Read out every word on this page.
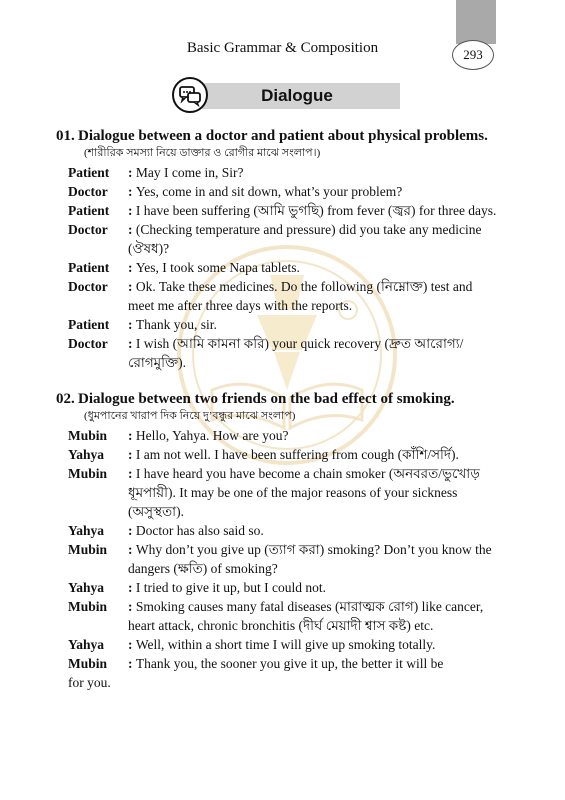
Basic Grammar & Composition	293
Dialogue
01. Dialogue between a doctor and patient about physical problems.
(শারীরিক সমস্যা নিয়ে ডাক্তার ও রোগীর মাঝে সংলাপ।)
Patient	: May I come in, Sir?
Doctor	: Yes, come in and sit down, what’s your problem?
Patient	: I have been suffering (আমি ভুগছি) from fever (জ্বর) for three days.
Doctor	: (Checking temperature and pressure) did you take any medicine (ঔষধ)?
Patient	: Yes, I took some Napa tablets.
Doctor	: Ok. Take these medicines. Do the following (নিম্নোক্ত) test and meet me after three days with the reports.
Patient	: Thank you, sir.
Doctor	: I wish (আমি কামনা করি) your quick recovery (দ্রুত আরোগ্য/রোগমুক্তি).
02. Dialogue between two friends on the bad effect of smoking.
(ধুমপানের খারাপ দিক নিয়ে দু’বন্ধুর মাঝে সংলাপ)
Mubin	: Hello, Yahya. How are you?
Yahya	: I am not well. I have been suffering from cough (কাঁশি/সর্দি).
Mubin	: I have heard you have become a chain smoker (অনবরত/ভুখোড় ধূমপায়ী). It may be one of the major reasons of your sickness (অসুস্থতা).
Yahya	: Doctor has also said so.
Mubin	: Why don’t you give up (ত্যাগ করা) smoking? Don’t you know the dangers (ক্ষতি) of smoking?
Yahya	: I tried to give it up, but I could not.
Mubin	: Smoking causes many fatal diseases (মারাত্মক রোগ) like cancer, heart attack, chronic bronchitis (দীর্ঘ মেয়াদী শ্বাস কষ্ট) etc.
Yahya	: Well, within a short time I will give up smoking totally.
Mubin	: Thank you, the sooner you give it up, the better it will be
for you.
